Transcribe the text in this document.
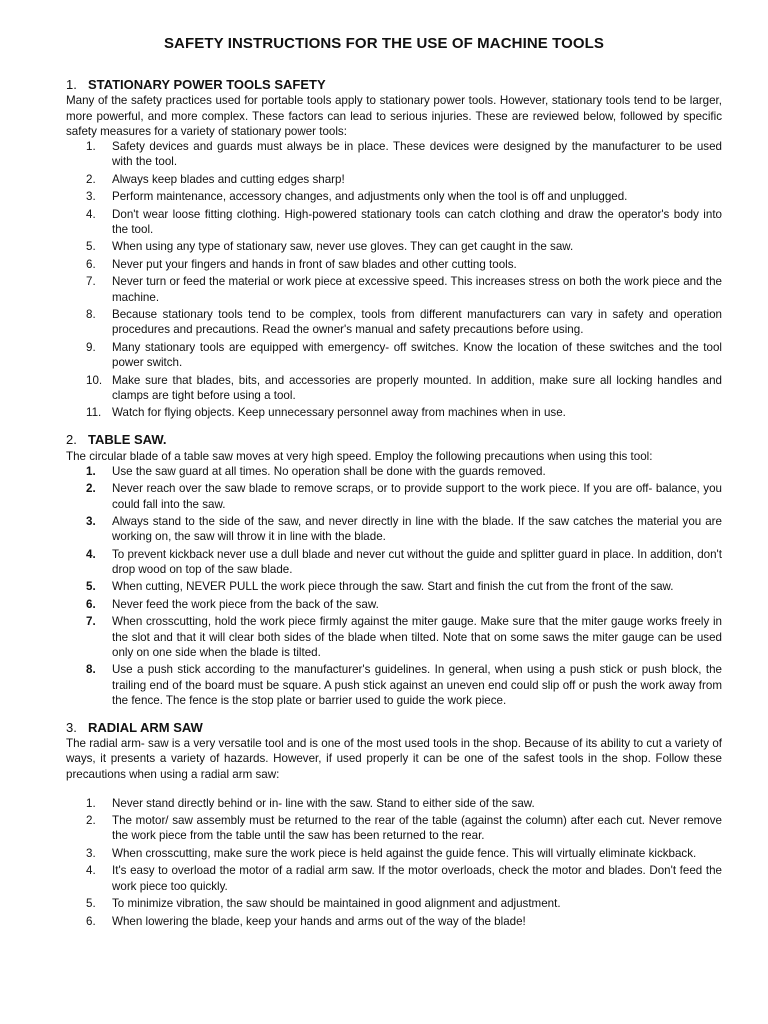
SAFETY INSTRUCTIONS FOR THE USE OF MACHINE TOOLS
1. STATIONARY POWER TOOLS SAFETY

Many of the safety practices used for portable tools apply to stationary power tools. However, stationary tools tend to be larger, more powerful, and more complex. These factors can lead to serious injuries. These are reviewed below, followed by specific safety measures for a variety of stationary power tools:

1.	Safety devices and guards must always be in place. These devices were designed by the manufacturer to be used with the tool.
2.	Always keep blades and cutting edges sharp!
3.	Perform maintenance, accessory changes, and adjustments only when the tool is off and unplugged.
4.	Don't wear loose fitting clothing. High-powered stationary tools can catch clothing and draw the operator's body into the tool.
5.	When using any type of stationary saw, never use gloves. They can get caught in the saw.
6.	Never put your fingers and hands in front of saw blades and other cutting tools.
7.	Never turn or feed the material or work piece at excessive speed. This increases stress on both the work piece and the machine.
8.	Because stationary tools tend to be complex, tools from different manufacturers can vary in safety and operation procedures and precautions. Read the owner's manual and safety precautions before using.
9.	Many stationary tools are equipped with emergency- off switches. Know the location of these switches and the tool power switch.
10. Make sure that blades, bits, and accessories are properly mounted. In addition, make sure all locking handles and clamps are tight before using a tool.
11. Watch for flying objects. Keep unnecessary personnel away from machines when in use.
2. TABLE SAW.

The circular blade of a table saw moves at very high speed. Employ the following precautions when using this tool:

1.	Use the saw guard at all times. No operation shall be done with the guards removed.
2.	Never reach over the saw blade to remove scraps, or to provide support to the work piece. If you are off- balance, you could fall into the saw.
3.	Always stand to the side of the saw, and never directly in line with the blade. If the saw catches the material you are working on, the saw will throw it in line with the blade.
4.	To prevent kickback never use a dull blade and never cut without the guide and splitter guard in place. In addition, don't drop wood on top of the saw blade.
5.	When cutting, NEVER PULL the work piece through the saw. Start and finish the cut from the front of the saw.
6.	Never feed the work piece from the back of the saw.
7.	When crosscutting, hold the work piece firmly against the miter gauge. Make sure that the miter gauge works freely in the slot and that it will clear both sides of the blade when tilted. Note that on some saws the miter gauge can be used only on one side when the blade is tilted.
8.	Use a push stick according to the manufacturer's guidelines. In general, when using a push stick or push block, the trailing end of the board must be square. A push stick against an uneven end could slip off or push the work away from the fence. The fence is the stop plate or barrier used to guide the work piece.
3. RADIAL ARM SAW

The radial arm- saw is a very versatile tool and is one of the most used tools in the shop. Because of its ability to cut a variety of ways, it presents a variety of hazards. However, if used properly it can be one of the safest tools in the shop. Follow these precautions when using a radial arm saw:

1.	Never stand directly behind or in- line with the saw. Stand to either side of the saw.
2.	The motor/ saw assembly must be returned to the rear of the table (against the column) after each cut. Never remove the work piece from the table until the saw has been returned to the rear.
3.	When crosscutting, make sure the work piece is held against the guide fence. This will virtually eliminate kickback.
4.	It's easy to overload the motor of a radial arm saw. If the motor overloads, check the motor and blades. Don't feed the work piece too quickly.
5.	To minimize vibration, the saw should be maintained in good alignment and adjustment.
6.	When lowering the blade, keep your hands and arms out of the way of the blade!
